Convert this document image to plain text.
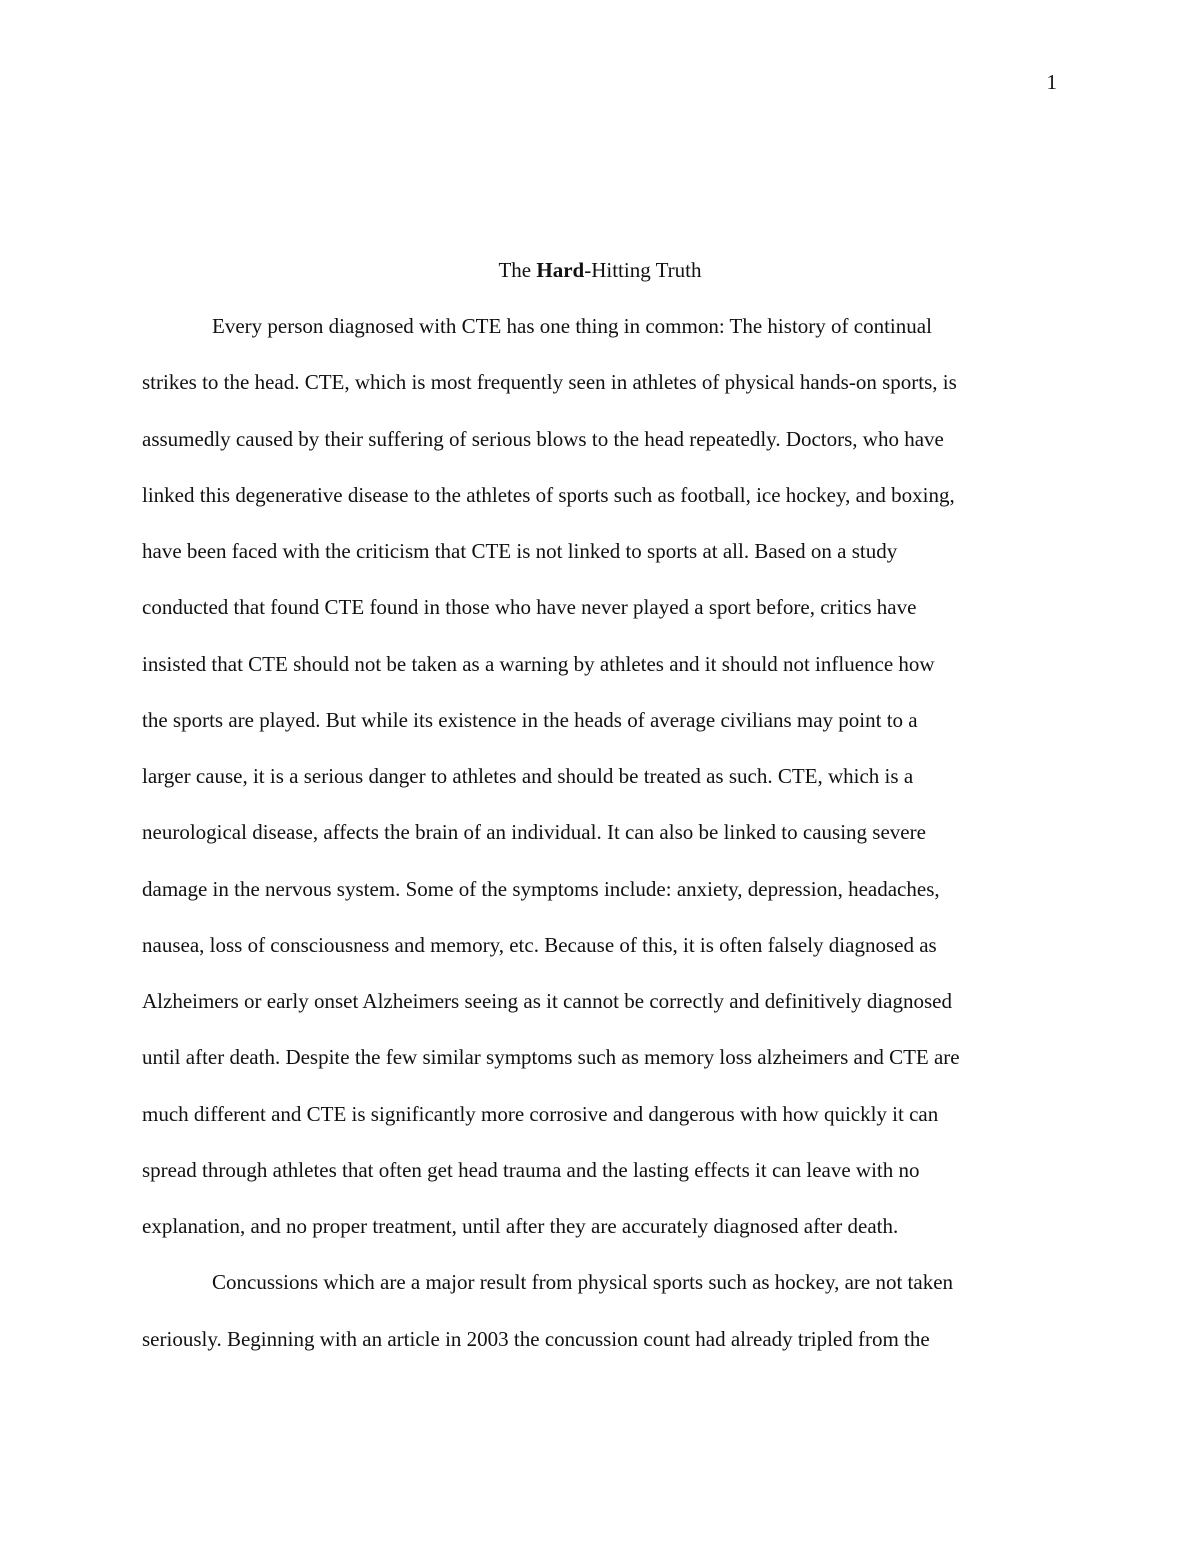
1
The Hard-Hitting Truth
Every person diagnosed with CTE has one thing in common: The history of continual
strikes to the head. CTE, which is most frequently seen in athletes of physical hands-on sports, is
assumedly caused by their suffering of serious blows to the head repeatedly. Doctors, who have
linked this degenerative disease to the athletes of sports such as football, ice hockey, and boxing,
have been faced with the criticism that CTE is not linked to sports at all. Based on a study
conducted that found CTE found in those who have never played a sport before, critics have
insisted that CTE should not be taken as a warning by athletes and it should not influence how
the sports are played. But while its existence in the heads of average civilians may point to a
larger cause, it is a serious danger to athletes and should be treated as such. CTE, which is a
neurological disease, affects the brain of an individual. It can also be linked to causing severe
damage in the nervous system. Some of the symptoms include: anxiety, depression, headaches,
nausea, loss of consciousness and memory, etc. Because of this, it is often falsely diagnosed as
Alzheimers or early onset Alzheimers seeing as it cannot be correctly and definitively diagnosed
until after death. Despite the few similar symptoms such as memory loss alzheimers and CTE are
much different and CTE is significantly more corrosive and dangerous with how quickly it can
spread through athletes that often get head trauma and the lasting effects it can leave with no
explanation, and no proper treatment, until after they are accurately diagnosed after death.
Concussions which are a major result from physical sports such as hockey, are not taken
seriously. Beginning with an article in 2003 the concussion count had already tripled from the
